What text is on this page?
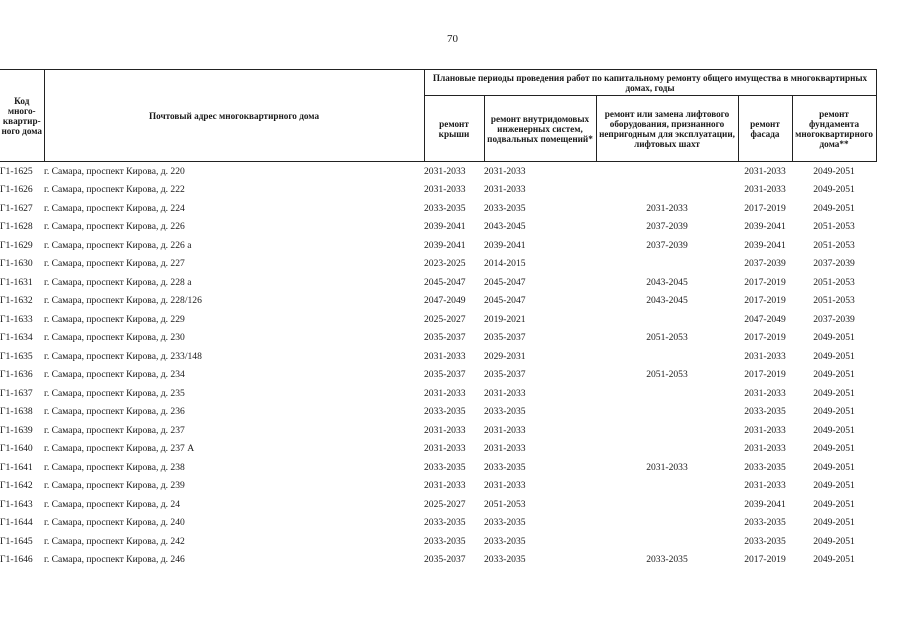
70
Код много-квартир-ного дома	Почтовый адрес многоквартирного дома	Плановые периоды проведения работ по капитальному ремонту общего имущества в многоквартирных домах, годы				
		ремонт крыши	ремонт внутридомовых инженерных систем, подвальных помещений*	ремонт или замена лифтового оборудования, признанного непригодным для эксплуатации, лифтовых шахт	ремонт фасада	ремонт фундамента многоквартирного дома**
Г1-1625	г. Самара, проспект Кирова, д. 220	2031-2033	2031-2033		2031-2033	2049-2051
Г1-1626	г. Самара, проспект Кирова, д. 222	2031-2033	2031-2033		2031-2033	2049-2051
Г1-1627	г. Самара, проспект Кирова, д. 224	2033-2035	2033-2035	2031-2033	2017-2019	2049-2051
Г1-1628	г. Самара, проспект Кирова, д. 226	2039-2041	2043-2045	2037-2039	2039-2041	2051-2053
Г1-1629	г. Самара, проспект Кирова, д. 226 а	2039-2041	2039-2041	2037-2039	2039-2041	2051-2053
Г1-1630	г. Самара, проспект Кирова, д. 227	2023-2025	2014-2015		2037-2039	2037-2039
Г1-1631	г. Самара, проспект Кирова, д. 228 а	2045-2047	2045-2047	2043-2045	2017-2019	2051-2053
Г1-1632	г. Самара, проспект Кирова, д. 228/126	2047-2049	2045-2047	2043-2045	2017-2019	2051-2053
Г1-1633	г. Самара, проспект Кирова, д. 229	2025-2027	2019-2021		2047-2049	2037-2039
Г1-1634	г. Самара, проспект Кирова, д. 230	2035-2037	2035-2037	2051-2053	2017-2019	2049-2051
Г1-1635	г. Самара, проспект Кирова, д. 233/148	2031-2033	2029-2031		2031-2033	2049-2051
Г1-1636	г. Самара, проспект Кирова, д. 234	2035-2037	2035-2037	2051-2053	2017-2019	2049-2051
Г1-1637	г. Самара, проспект Кирова, д. 235	2031-2033	2031-2033		2031-2033	2049-2051
Г1-1638	г. Самара, проспект Кирова, д. 236	2033-2035	2033-2035		2033-2035	2049-2051
Г1-1639	г. Самара, проспект Кирова, д. 237	2031-2033	2031-2033		2031-2033	2049-2051
Г1-1640	г. Самара, проспект Кирова, д. 237 А	2031-2033	2031-2033		2031-2033	2049-2051
Г1-1641	г. Самара, проспект Кирова, д. 238	2033-2035	2033-2035	2031-2033	2033-2035	2049-2051
Г1-1642	г. Самара, проспект Кирова, д. 239	2031-2033	2031-2033		2031-2033	2049-2051
Г1-1643	г. Самара, проспект Кирова, д. 24	2025-2027	2051-2053		2039-2041	2049-2051
Г1-1644	г. Самара, проспект Кирова, д. 240	2033-2035	2033-2035		2033-2035	2049-2051
Г1-1645	г. Самара, проспект Кирова, д. 242	2033-2035	2033-2035		2033-2035	2049-2051
Г1-1646	г. Самара, проспект Кирова, д. 246	2035-2037	2033-2035	2033-2035	2017-2019	2049-2051
